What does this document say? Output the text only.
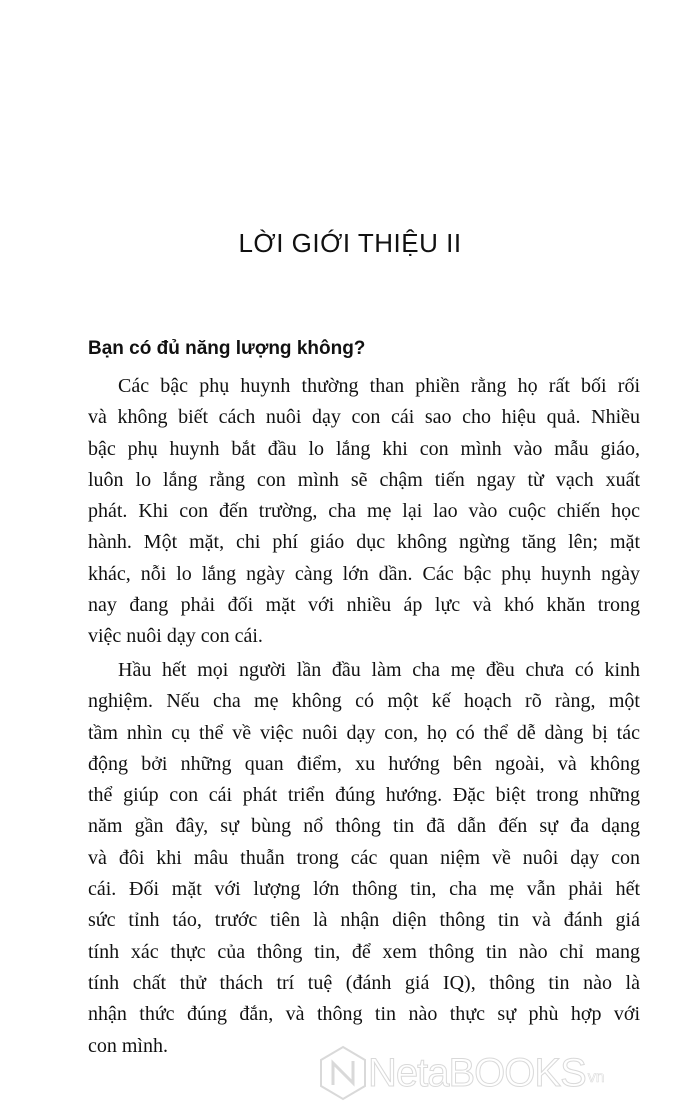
LỜI GIỚI THIỆU II
Bạn có đủ năng lượng không?
Các bậc phụ huynh thường than phiền rằng họ rất bối rối
và không biết cách nuôi dạy con cái sao cho hiệu quả. Nhiều
bậc phụ huynh bắt đầu lo lắng khi con mình vào mẫu giáo,
luôn lo lắng rằng con mình sẽ chậm tiến ngay từ vạch xuất
phát. Khi con đến trường, cha mẹ lại lao vào cuộc chiến học
hành. Một mặt, chi phí giáo dục không ngừng tăng lên; mặt
khác, nỗi lo lắng ngày càng lớn dần. Các bậc phụ huynh ngày
nay đang phải đối mặt với nhiều áp lực và khó khăn trong
việc nuôi dạy con cái.
Hầu hết mọi người lần đầu làm cha mẹ đều chưa có kinh
nghiệm. Nếu cha mẹ không có một kế hoạch rõ ràng, một
tầm nhìn cụ thể về việc nuôi dạy con, họ có thể dễ dàng bị tác
động bởi những quan điểm, xu hướng bên ngoài, và không
thể giúp con cái phát triển đúng hướng. Đặc biệt trong những
năm gần đây, sự bùng nổ thông tin đã dẫn đến sự đa dạng
và đôi khi mâu thuẫn trong các quan niệm về nuôi dạy con
cái. Đối mặt với lượng lớn thông tin, cha mẹ vẫn phải hết
sức tỉnh táo, trước tiên là nhận diện thông tin và đánh giá
tính xác thực của thông tin, để xem thông tin nào chỉ mang
tính chất thử thách trí tuệ (đánh giá IQ), thông tin nào là
nhận thức đúng đắn, và thông tin nào thực sự phù hợp với
con mình.
NetaBOOKS vn
